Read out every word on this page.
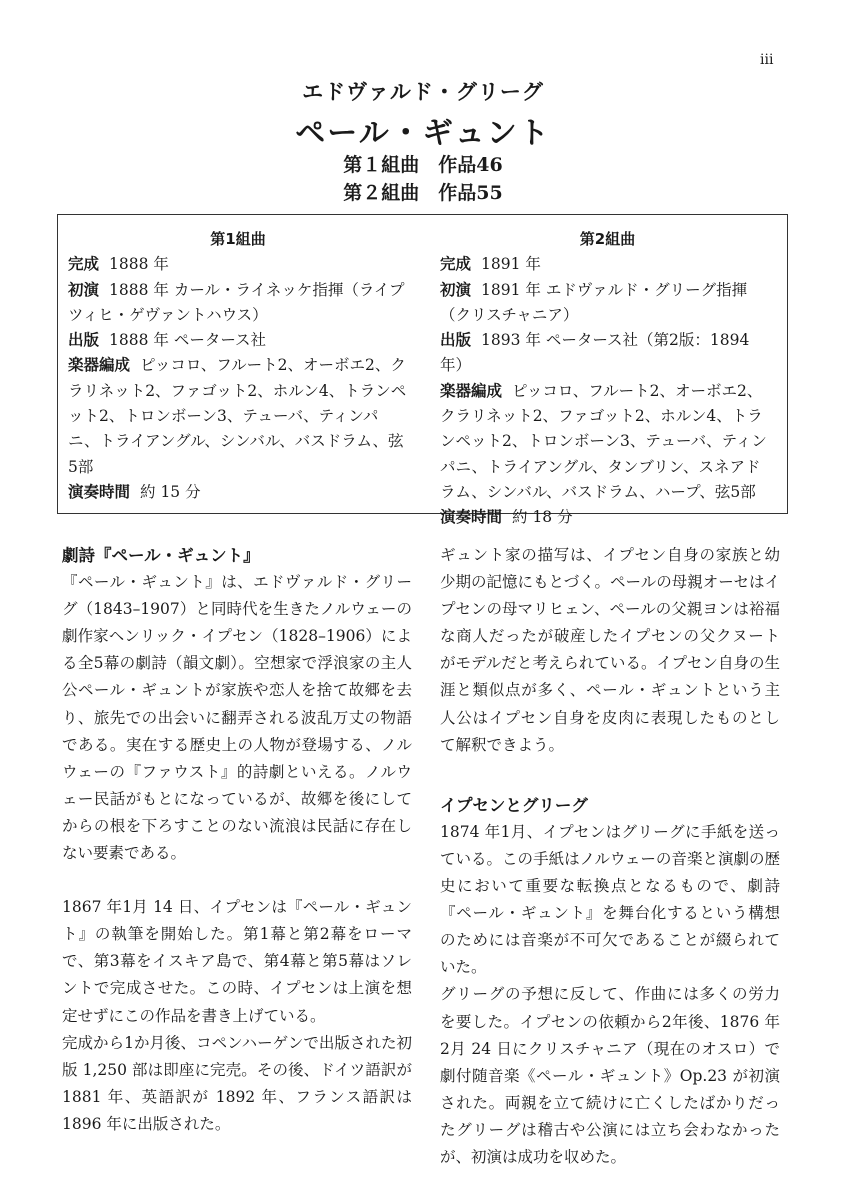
iii
エドヴァルド・グリーグ
ペール・ギュント
第１組曲　作品46
第２組曲　作品55
第1組曲
完成 1888 年
初演 1888 年 カール・ライネッケ指揮（ライプツィヒ・ゲヴァントハウス）
出版 1888 年 ペータース社
楽器編成 ピッコロ、フルート2、オーボエ2、クラリネット2、ファゴット2、ホルン4、トランペット2、トロンボーン3、テューバ、ティンパニ、トライアングル、シンバル、バスドラム、弦5部
演奏時間 約 15 分
第2組曲
完成 1891 年
初演 1891 年 エドヴァルド・グリーグ指揮（クリスチャニア）
出版 1893 年 ペータース社（第2版：1894 年）
楽器編成 ピッコロ、フルート2、オーボエ2、クラリネット2、ファゴット2、ホルン4、トランペット2、トロンボーン3、テューバ、ティンパニ、トライアングル、タンブリン、スネアドラム、シンバル、バスドラム、ハープ、弦5部
演奏時間 約 18 分

劇詩『ペール・ギュント』

『ペール・ギュント』は、エドヴァルド・グリーグ（1843–1907）と同時代を生きたノルウェーの劇作家ヘンリック・イプセン（1828–1906）による全5幕の劇詩（韻文劇）。空想家で浮浪家の主人公ペール・ギュントが家族や恋人を捨て故郷を去り、旅先での出会いに翻弄される波乱万丈の物語である。実在する歴史上の人物が登場する、ノルウェーの『ファウスト』的詩劇といえる。ノルウェー民話がもとになっているが、故郷を後にしてからの根を下ろすことのない流浪は民話に存在しない要素である。

1867 年1月 14 日、イプセンは『ペール・ギュント』の執筆を開始した。第1幕と第2幕をローマで、第3幕をイスキア島で、第4幕と第5幕はソレントで完成させた。この時、イプセンは上演を想定せずにこの作品を書き上げている。

完成から1か月後、コペンハーゲンで出版された初版 1,250 部は即座に完売。その後、ドイツ語訳が 1881 年、英語訳が 1892 年、フランス語訳は 1896 年に出版された。

ギュント家の描写は、イプセン自身の家族と幼少期の記憶にもとづく。ペールの母親オーセはイプセンの母マリヒェン、ペールの父親ヨンは裕福な商人だったが破産したイプセンの父クヌートがモデルだと考えられている。イプセン自身の生涯と類似点が多く、ペール・ギュントという主人公はイプセン自身を皮肉に表現したものとして解釈できよう。

イプセンとグリーグ

1874 年1月、イプセンはグリーグに手紙を送っている。この手紙はノルウェーの音楽と演劇の歴史において重要な転換点となるもので、劇詩『ペール・ギュント』を舞台化するという構想のためには音楽が不可欠であることが綴られていた。

グリーグの予想に反して、作曲には多くの労力を要した。イプセンの依頼から2年後、1876 年2月 24 日にクリスチャニア（現在のオスロ）で劇付随音楽《ペール・ギュント》Op.23 が初演された。両親を立て続けに亡くしたばかりだったグリーグは稽古や公演には立ち会わなかったが、初演は成功を収めた。
